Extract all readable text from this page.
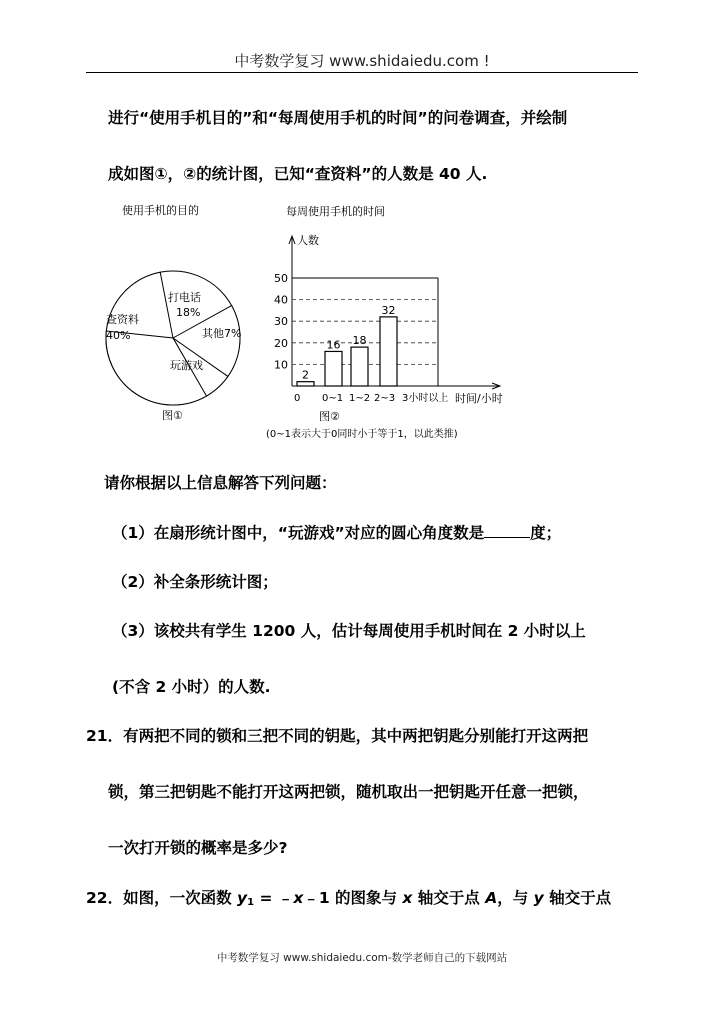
中考数学复习 www.shidaiedu.com !
进行“使用手机目的”和“每周使用手机的时间”的问卷调查，并绘制
成如图①，②的统计图，已知“查资料”的人数是 40 人.
使用手机的目的
查资料
40%
打电话
18%
其他 7%
玩游戏
图①
每周使用手机的时间
人数
10
20
30
40
50
2
0
16
0~1
18
1~2
32
2~3 3小时以上 时间/小时
图②
(0~1表示大于0同时小于等于1，以此类推)
请你根据以上信息解答下列问题：
（1）在扇形统计图中，“玩游戏”对应的圆心角度数是	度；
（2）补全条形统计图；
（3）该校共有学生 1200 人，估计每周使用手机时间在 2 小时以上
(不含 2 小时）的人数.
21．有两把不同的锁和三把不同的钥匙，其中两把钥匙分别能打开这两把
锁，第三把钥匙不能打开这两把锁，随机取出一把钥匙开任意一把锁，
一次打开锁的概率是多少?
22．如图，一次函数 $y_1$ = ﹣x﹣1 的图象与 x 轴交于点 A，与 y 轴交于点
中考数学复习 www.shidaiedu.com-数学老师自己的下载网站
